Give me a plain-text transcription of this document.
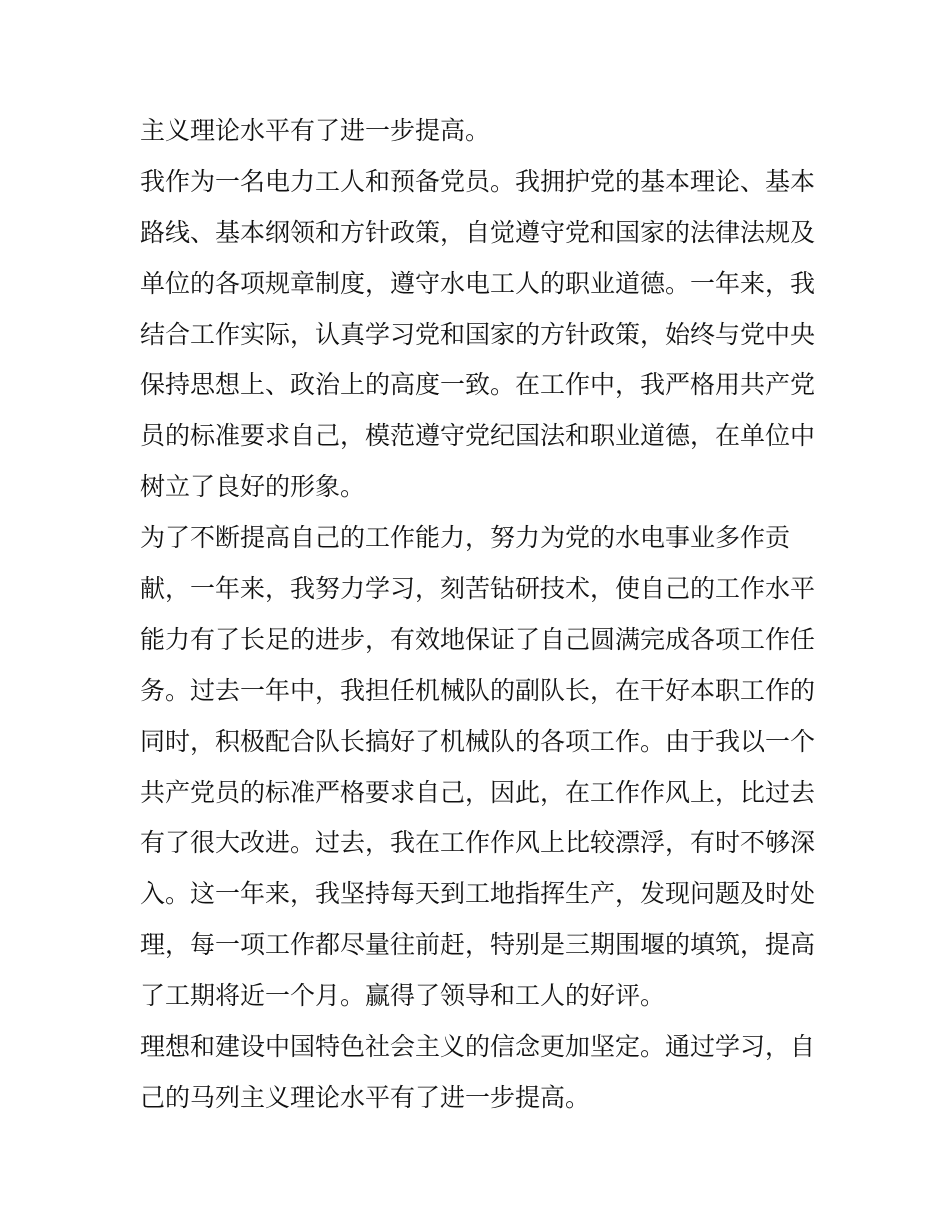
主义理论水平有了进一步提高。
我作为一名电力工人和预备党员。我拥护党的基本理论、基本
路线、基本纲领和方针政策，自觉遵守党和国家的法律法规及
单位的各项规章制度，遵守水电工人的职业道德。一年来，我
结合工作实际，认真学习党和国家的方针政策，始终与党中央
保持思想上、政治上的高度一致。在工作中，我严格用共产党
员的标准要求自己，模范遵守党纪国法和职业道德，在单位中
树立了良好的形象。
为了不断提高自己的工作能力，努力为党的水电事业多作贡
献，一年来，我努力学习，刻苦钻研技术，使自己的工作水平
能力有了长足的进步，有效地保证了自己圆满完成各项工作任
务。过去一年中，我担任机械队的副队长，在干好本职工作的
同时，积极配合队长搞好了机械队的各项工作。由于我以一个
共产党员的标准严格要求自己，因此，在工作作风上，比过去
有了很大改进。过去，我在工作作风上比较漂浮，有时不够深
入。这一年来，我坚持每天到工地指挥生产，发现问题及时处
理，每一项工作都尽量往前赶，特别是三期围堰的填筑，提高
了工期将近一个月。赢得了领导和工人的好评。
理想和建设中国特色社会主义的信念更加坚定。通过学习，自
己的马列主义理论水平有了进一步提高。
